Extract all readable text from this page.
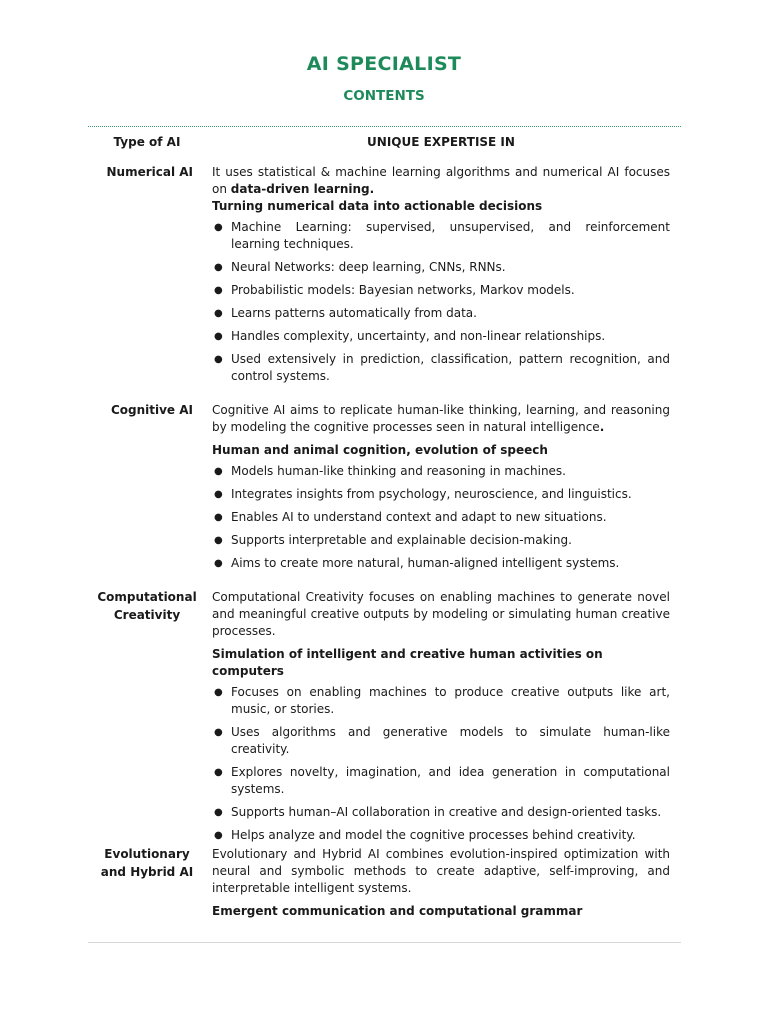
AI SPECIALIST
CONTENTS
Type of AI	UNIQUE EXPERTISE IN
Numerical AI It uses statistical & machine learning algorithms and numerical AI focuses on data-driven learning.

Turning numerical data into actionable decisions

● Machine Learning: supervised, unsupervised, and reinforcement learning techniques.
● Neural Networks: deep learning, CNNs, RNNs.
● Probabilistic models: Bayesian networks, Markov models.
● Learns patterns automatically from data.
● Handles complexity, uncertainty, and non-linear relationships.
● Used extensively in prediction, classification, pattern recognition, and control systems.
Cognitive AI Cognitive AI aims to replicate human-like thinking, learning, and reasoning by modeling the cognitive processes seen in natural intelligence.

Human and animal cognition, evolution of speech

● Models human-like thinking and reasoning in machines.
● Integrates insights from psychology, neuroscience, and linguistics.
● Enables AI to understand context and adapt to new situations.
● Supports interpretable and explainable decision-making.
● Aims to create more natural, human-aligned intelligent systems.
Computational
Creativity

Computational Creativity focuses on enabling machines to generate novel and meaningful creative outputs by modeling or simulating human creative processes.

Simulation of intelligent and creative human activities on computers

● Focuses on enabling machines to produce creative outputs like art, music, or stories.
● Uses algorithms and generative models to simulate human-like creativity.
● Explores novelty, imagination, and idea generation in computational systems.
● Supports human–AI collaboration in creative and design-oriented tasks.
● Helps analyze and model the cognitive processes behind creativity.
Evolutionary
and Hybrid AI

Evolutionary and Hybrid AI combines evolution-inspired optimization with neural and symbolic methods to create adaptive, self-improving, and interpretable intelligent systems.

Emergent communication and computational grammar
